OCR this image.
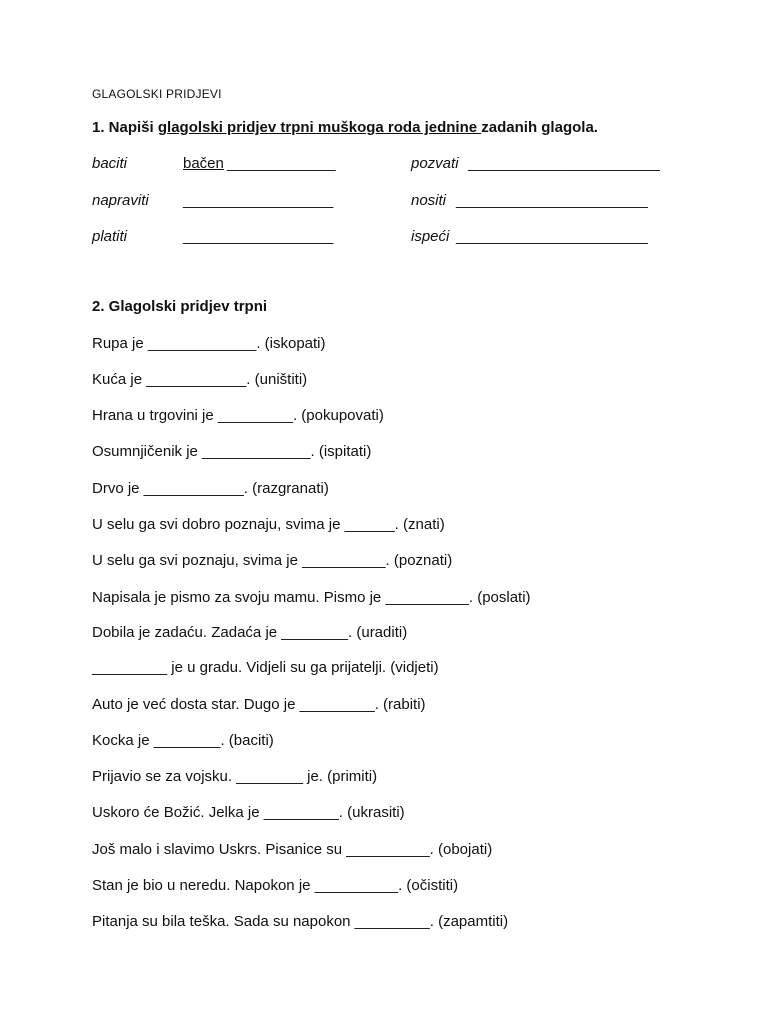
GLAGOLSKI PRIDJEVI
1. Napiši glagolski pridjev trpni muškoga roda jednine zadanih glagola.
baciti	bačen _____________	pozvati _______________________
napraviti __________________	nositi _______________________
platiti	__________________	ispeći _______________________
2. Glagolski pridjev trpni
Rupa je _____________. (iskopati)
Kuća je ____________. (uništiti)
Hrana u trgovini je _________. (pokupovati)
Osumnjičenik je _____________. (ispitati)
Drvo je ____________. (razgranati)
U selu ga svi dobro poznaju, svima je ______. (znati)
U selu ga svi poznaju, svima je __________. (poznati)
Napisala je pismo za svoju mamu. Pismo je __________. (poslati)
Dobila je zadaću. Zadaća je ________. (uraditi)
_________ je u gradu. Vidjeli su ga prijatelji. (vidjeti)
Auto je već dosta star. Dugo je _________. (rabiti)
Kocka je ________. (baciti)
Prijavio se za vojsku. ________ je. (primiti)
Uskoro će Božić. Jelka je _________. (ukrasiti)
Još malo i slavimo Uskrs. Pisanice su __________. (obojati)
Stan je bio u neredu. Napokon je __________. (očistiti)
Pitanja su bila teška. Sada su napokon _________. (zapamtiti)
